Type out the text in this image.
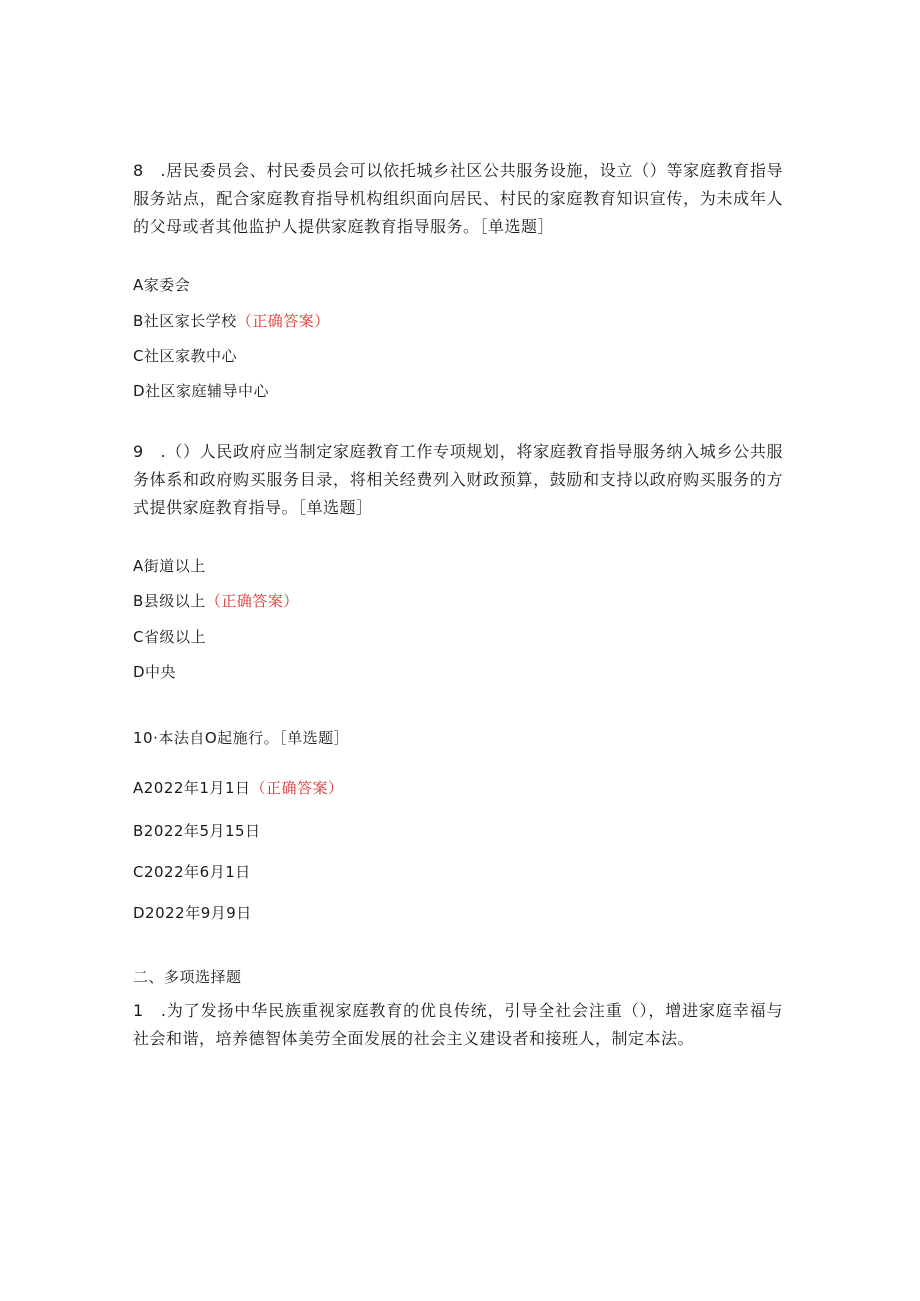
8　.居民委员会、村民委员会可以依托城乡社区公共服务设施，设立（）等家庭教育指导服务站点，配合家庭教育指导机构组织面向居民、村民的家庭教育知识宣传，为未成年人的父母或者其他监护人提供家庭教育指导服务。［单选题］
A家委会
B社区家长学校（正确答案）
C社区家教中心
D社区家庭辅导中心
9　.（）人民政府应当制定家庭教育工作专项规划，将家庭教育指导服务纳入城乡公共服务体系和政府购买服务目录，将相关经费列入财政预算，鼓励和支持以政府购买服务的方式提供家庭教育指导。［单选题］
A街道以上
B县级以上（正确答案）
C省级以上
D中央
10·本法自O起施行。［单选题］
A2022年1月1日（正确答案）
B2022年5月15日
C2022年6月1日
D2022年9月9日
二、多项选择题
1　.为了发扬中华民族重视家庭教育的优良传统，引导全社会注重（），增进家庭幸福与社会和谐，培养德智体美劳全面发展的社会主义建设者和接班人，制定本法。
